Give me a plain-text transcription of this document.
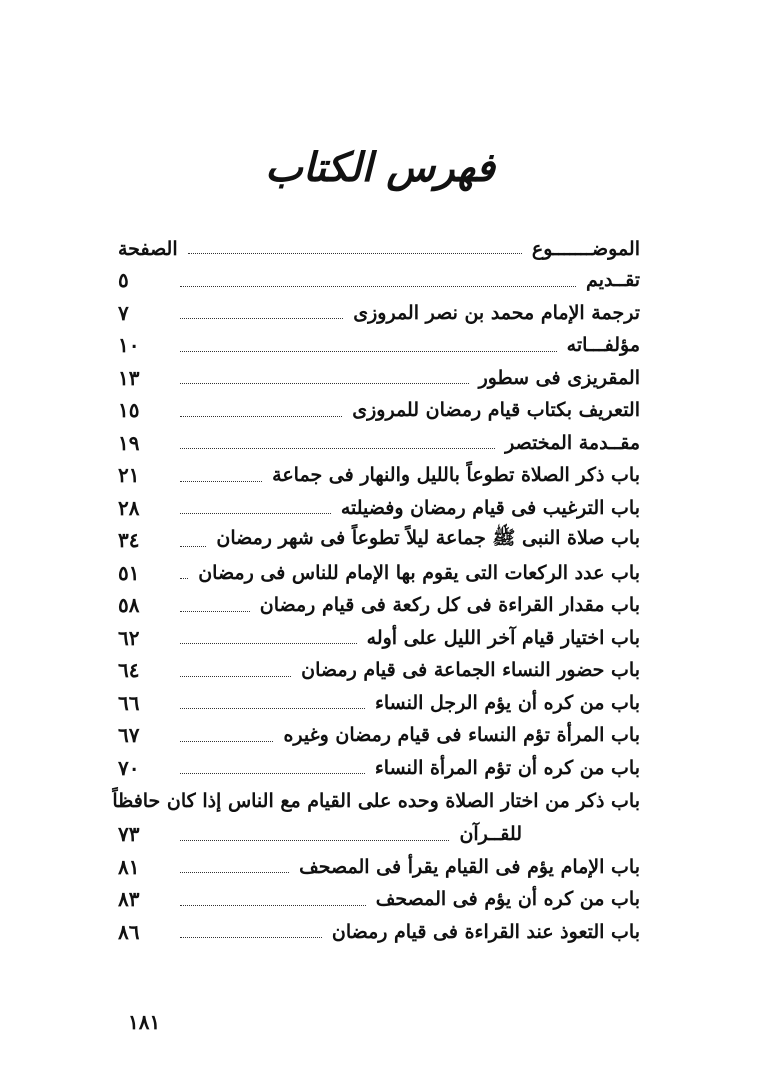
فهرس الكتاب
الموضـــــــوع
الصفحة
تقــديم
٥
ترجمة الإمام محمد بن نصر المروزى
٧
مؤلفـــاته
١٠
المقريزى فى سطور
١٣
التعريف بكتاب قيام رمضان للمروزى
١٥
مقــدمة المختصر
١٩
باب ذكر الصلاة تطوعاً بالليل والنهار فى جماعة
٢١
باب الترغيب فى قيام رمضان وفضيلته
٢٨
باب صلاة النبى ﷺ جماعة ليلاً تطوعاً فى شهر رمضان
٣٤
باب عدد الركعات التى يقوم بها الإمام للناس فى رمضان
٥١
باب مقدار القراءة فى كل ركعة فى قيام رمضان
٥٨
باب اختيار قيام آخر الليل على أوله
٦٢
باب حضور النساء الجماعة فى قيام رمضان
٦٤
باب من كره أن يؤم الرجل النساء
٦٦
باب المرأة تؤم النساء فى قيام رمضان وغيره
٦٧
باب من كره أن تؤم المرأة النساء
٧٠
باب ذكر من اختار الصلاة وحده على القيام مع الناس إذا كان حافظاً
للقــرآن
٧٣
باب الإمام يؤم فى القيام يقرأ فى المصحف
٨١
باب من كره أن يؤم فى المصحف
٨٣
باب التعوذ عند القراءة فى قيام رمضان
٨٦
١٨١
